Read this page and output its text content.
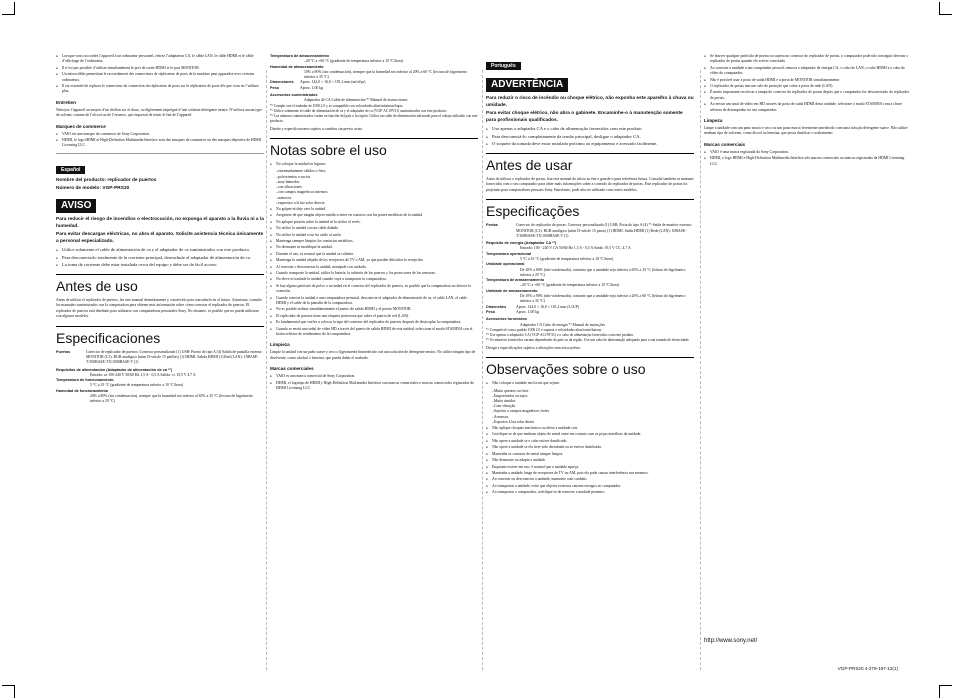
● Lorsque vous raccordez l’appareil à un ordinateur personnel, retirez l’adaptateur CA, le câble LAN, le câble HDMI et le câble d’affichage de l’ordinateur.
● Il n’est pas possible d’utiliser simultanément le port de sortie HDMI et le port MONITOR.
● Un microcâblet permettant le raccordement des connecteurs de réplicateur de ports de la machine peut apparaître avec certains ordinateurs.
● Il est essentiel de replacer le connecteur du connecteur du réplicateur de ports sur le réplicateur de ports dès que vous ne l’utilisez plus.
Entretien

Nettoyez l’appareil au moyen d’un chiffon sec et doux, ou légèrement imprégné d’une solution détergente neutre. N’utilisez aucun type de solvant, comme de l’alcool ou de l’essence, qui risquerait de ternir le fini de l’appareil.

Marques de commerce
● VAIO est une marque de commerce de Sony Corporation.
● HDMI, le logo HDMI et High-Definition Multimedia Interface sont des marques de commerce ou des marques déposées de HDMI Licensing LLC.
Español
Nombre del producto: replicador de puertos
Número de modelo: VGP-PRS20
AVISO
Para reducir el riesgo de incendios o electrocución, no exponga el aparato a la lluvia ni a la humedad.
Para evitar descargas eléctricas, no abra el aparato. Solicite asistencia técnica únicamente a personal especializado.
● Utilice solamente el cable de alimentación de ca y el adaptador de ca suministrados con este producto.
● Para desconectarlo totalmente de la corriente principal, desenchufe el adaptador de alimentación de ca.
● La toma de corriente debe estar instalada cerca del equipo y debe ser de fácil acceso.
Antes de uso

Antes de utilizar el replicador de puertos, lea este manual detenidamente y consérvelo para consultarlo en el futuro. Asimismo, consulte los manuales suministrados con la computadora para obtener más información sobre cómo conectar el replicador de puertos. El replicador de puertos está diseñado para utilizarse con computadoras personales Sony. No obstante, es posible que no pueda utilizarse con algunos modelos.

Especificaciones
Puertos	Conector de replicador de puertos: Conector personalizado (1) USB: Puerto de tipo A (4) Salida de pantalla externa: MONITOR (C1): RGB analógico (mini D-sub de 15 patillas) (1) HDMI: Salida HDMI (1) Red (LAN): 10BASE-T/100BASE-TX/1000BASE-T (1)
Requisitos de alimentación (Adaptador de alimentación de ca *²)
Entrada: ca 100-240 V 50/60 Hz 1,5 A - 0,5 A Salida: cc 19,5 V 4,7 A
Temperatura de funcionamiento
5 °C a 35 °C (gradiente de temperatura inferior a 10 °C/hora)
Humedad de funcionamiento
20% a 80% (sin condensación), siempre que la humedad sea inferior al 65% a 35 °C (lectura de higrómetro inferior a 29 °C)
Temperatura de almacenamiento
–20 °C a +60 °C (gradiente de temperatura inferior a 10 °C/hora)
Humedad de almacenamiento
10% a 90% (sin condensación), siempre que la humedad sea inferior al 20% a 60 °C (lectura de higrómetro inferior a 35 °C)
Dimensiones	Aprox. 142,0 × 16,0 × 181,2 mm (an/al/pr)
Peso	Aprox. 1,00 kg
Accesorios suministrados
Adaptador de CA Cable de alimentación *³ Manual de instrucciones

*¹ Cumple con el estándar de USB 2.0 y es compatible con velocidades altas/máximas/bajas.

*² Utilice solamente el cable de alimentación de ca y el adaptador de ca (VGP-AC19V31) suministrados con este producto.

*³ Los números suministrados varían en función del país o la región. Utilice un cable de alimentación adecuado para el voltaje utilizado con este producto.

Diseño y especificaciones sujetos a cambios sin previo aviso.

Notas sobre el uso
● No coloque la unidad en lugares:
– extremadamente cálidos o fríos
– polvorientos o sucios
– muy húmedos
– con vibraciones
– con campos magnéticos intensos
– arenosos
– expuestos a la luz solar directa
● No golpee ni deje caer la unidad.
● Asegúrese de que ningún objeto metálico entre en contacto con las partes metálicas de la unidad.
● No aplique presión sobre la unidad ni la utilice al revés.
● No utilice la unidad con un cable dañado.
● No utilice la unidad si no ha caído al suelo.
● Mantenga siempre limpios los contactos metálicos.
● No desmonte ni modifique la unidad.
● Durante el uso, es normal que la unidad se caliente.
● Mantenga la unidad alejada de los receptores de TV o AM, ya que pueden dificultar la recepción.
● Al conectar o desconectar la unidad, manipule con cuidado.
● Cuando transporte la unidad, utilice la batería, la cubierta de los puertos y los protectores de los sensores.
● No eleve ni traslade la unidad cuando vaya a transportar la computadora.
● Si hay alguna partícula de polvo o suciedad en el conector del replicador de puertos, es posible que la computadora no detecte la conexión.
● Cuando conecte la unidad a una computadora personal, desconecte el adaptador de alimentación de ca, el cable LAN, el cable HDMI y el cable de la pantalla de la computadora.
● No es posible utilizar simultáneamente el puerto de salida HDMI y el puerto MONITOR.
● El replicador de puertos tiene una etiqueta protectora que cubre el puerto de red (LAN).
● Es fundamental que vuelva a colocar la tapa del conector del replicador de puertos después de desacoplar la computadora.
● Cuando se envía una señal de video HD a través del puerto de salida HDMI de esta unidad, seleccione el modo STAMINA con el botón selector de rendimiento de la computadora.
Limpieza

Limpie la unidad con un paño suave y seco o ligeramente humedecido con una solución de detergente neutro. No utilice ningún tipo de disolvente, como alcohol o bencina, que pueda dañar el acabado.

Marcas comerciales
● VAIO es una marca comercial de Sony Corporation.
● HDMI, el logotipo de HDMI y High-Definition Multimedia Interface son marcas comerciales o marcas comerciales registradas de HDMI Licensing LLC.
Português
ADVERTÊNCIA
Para reduzir o risco de incêndio ou choque elétrico, não exponha este aparelho à chuva ou umidade.
Para evitar choque elétrico, não abra o gabinete. Encaminhe-o à manutenção somente para profissionais qualificados.
● Use apenas o adaptador CA e o cabo de alimentação fornecidos com este produto.
● Para desconectá-lo completamente da tensão principal, desligue o adaptador CA.
● O soquete da tomada deve estar instalado próximo ao equipamento e acessado facilmente.
Antes de usar

Antes de utilizar o replicador de portas, leia este manual do início ao fim e guarde-o para referência futura. Consulte também os manuais fornecidos com o seu computador para obter mais informações sobre a conexão do replicador de portas. Este replicador de portas foi projetado para computadores pessoais Sony. Entretanto, pode não ser utilizado com certos modelos.

Especificações
Portas	Conector do replicador de portas: Conector personalizado (1) USB: Porta do tipo A (4) *¹ Saída de monitor externo: MONITOR (C1): RGB analógico (mini D-sub de 15 pinos) (1) HDMI: Saída HDMI (1) Rede (LAN): 10BASE-T/100BASE-TX/1000BASE-T (1)
Requisito de energia (Adaptador CA *²)
Entrada: 100 - 240 V CA 50/60 Hz 1,5 A - 0,5 A Saída: 19,5 V CC, 4,7 A
Temperatura operacional
5 °C a 35 °C (gradiente de temperatura inferior a 10 °C/hora)
Umidade operacional
De 20% a 80% (não-condensada), contanto que a umidade seja inferior a 65% a 35 °C (leitura do higrômetro inferior a 29 °C)
Temperatura de armazenamento
–20 °C a +60 °C (gradiente de temperatura inferior a 10 °C/hora)
Umidade de armazenamento
De 10% a 90% (não-condensada), contanto que a umidade seja inferior a 20% a 60 °C (leitura do higrômetro inferior a 35 °C)
Dimensões	Aprox. 142,0 × 16,0 × 181,2 mm (L/A/P)
Peso	Aprox. 1,00 kg
Acessórios fornecidos
Adaptador CA Cabo de energia *³ Manual de instruções

*¹ Compatível com o padrão USB 2.0 e suporta a velocidades altas/totais/baixas.

*² Use apenas o adaptador CA (VGP-AC19V31) e o cabo de alimentação fornecidos com este produto.

*³ Os números fornecidos variam dependendo do país ou da região. Use um cabo de alimentação adequado para a sua tomada de eletricidade.

Design e especificações sujeitos a alterações sem aviso prévio.

Observações sobre o uso
● Não coloque a unidade em locais que sejam:
– Muito quentes ou frios
– Empoeirados ou sujos
– Muito úmidos
– Com vibração
– Sujeitos a campos magnéticos fortes
– Arenosos
– Expostos à luz solar direta
● Não aplique choques mecânicos ou deixe a unidade cair.
● Certifique-se de que nenhum objeto de metal entre em contato com as peças metálicas da unidade.
● Não opere a unidade se o cabo estiver danificado.
● Não opere a unidade se ela tiver sido derrubada ou se estiver danificada.
● Mantenha os contatos de metal sempre limpos.
● Não desmonte ou adapte a unidade.
● Enquanto estiver em uso, é normal que a unidade aqueça.
● Mantenha a unidade longe de receptores de TV ou AM, pois ela pode causar interferência nos mesmos.
● Ao conectar ou desconectar a unidade, manuseie com cuidado.
● Ao transportar a unidade, evite que objetos externos causem estragos ao computador.
● Ao transportar o computador, certifique-se de remover a unidade primeiro.
● Se houver qualquer partícula de poeira ou sujeira no conector do replicador de portas, o computador pode não conseguir detectar o replicador de portas quando ele estiver conectado.
● Ao conectar a unidade a um computador pessoal, remova o adaptador de energia CA, o cabo de LAN, o cabo HDMI e o cabo de vídeo do computador.
● Não é possível usar a porta de saída HDMI e a porta de MONITOR simultaneamente.
● O replicador de portas tem um selo de proteção que cobre a porta de rede (LAN).
● É muito importante recolocar a tampa do conector do replicador de portas depois que o computador for desconectado do replicador de portas.
● Ao enviar um sinal de vídeo em HD através da porta de saída HDMI desta unidade, selecione o modo STAMINA com a chave seletora de desempenho no seu computador.
Limpeza

Limpe a unidade com um pano macio e seco ou um pano macio levemente umedecido com uma solução detergente suave. Não utilize nenhum tipo de solvente, como álcool ou benzina, que possa danificar o acabamento.

Marcas comerciais
● VAIO é uma marca registrada da Sony Corporation.
● HDMI, o logo HDMI e High-Definition Multimedia Interface são marcas comerciais ou marcas registradas da HDMI Licensing LLC.
http://www.sony.net/
VGP-PRS20 4-279-187-12(1)
